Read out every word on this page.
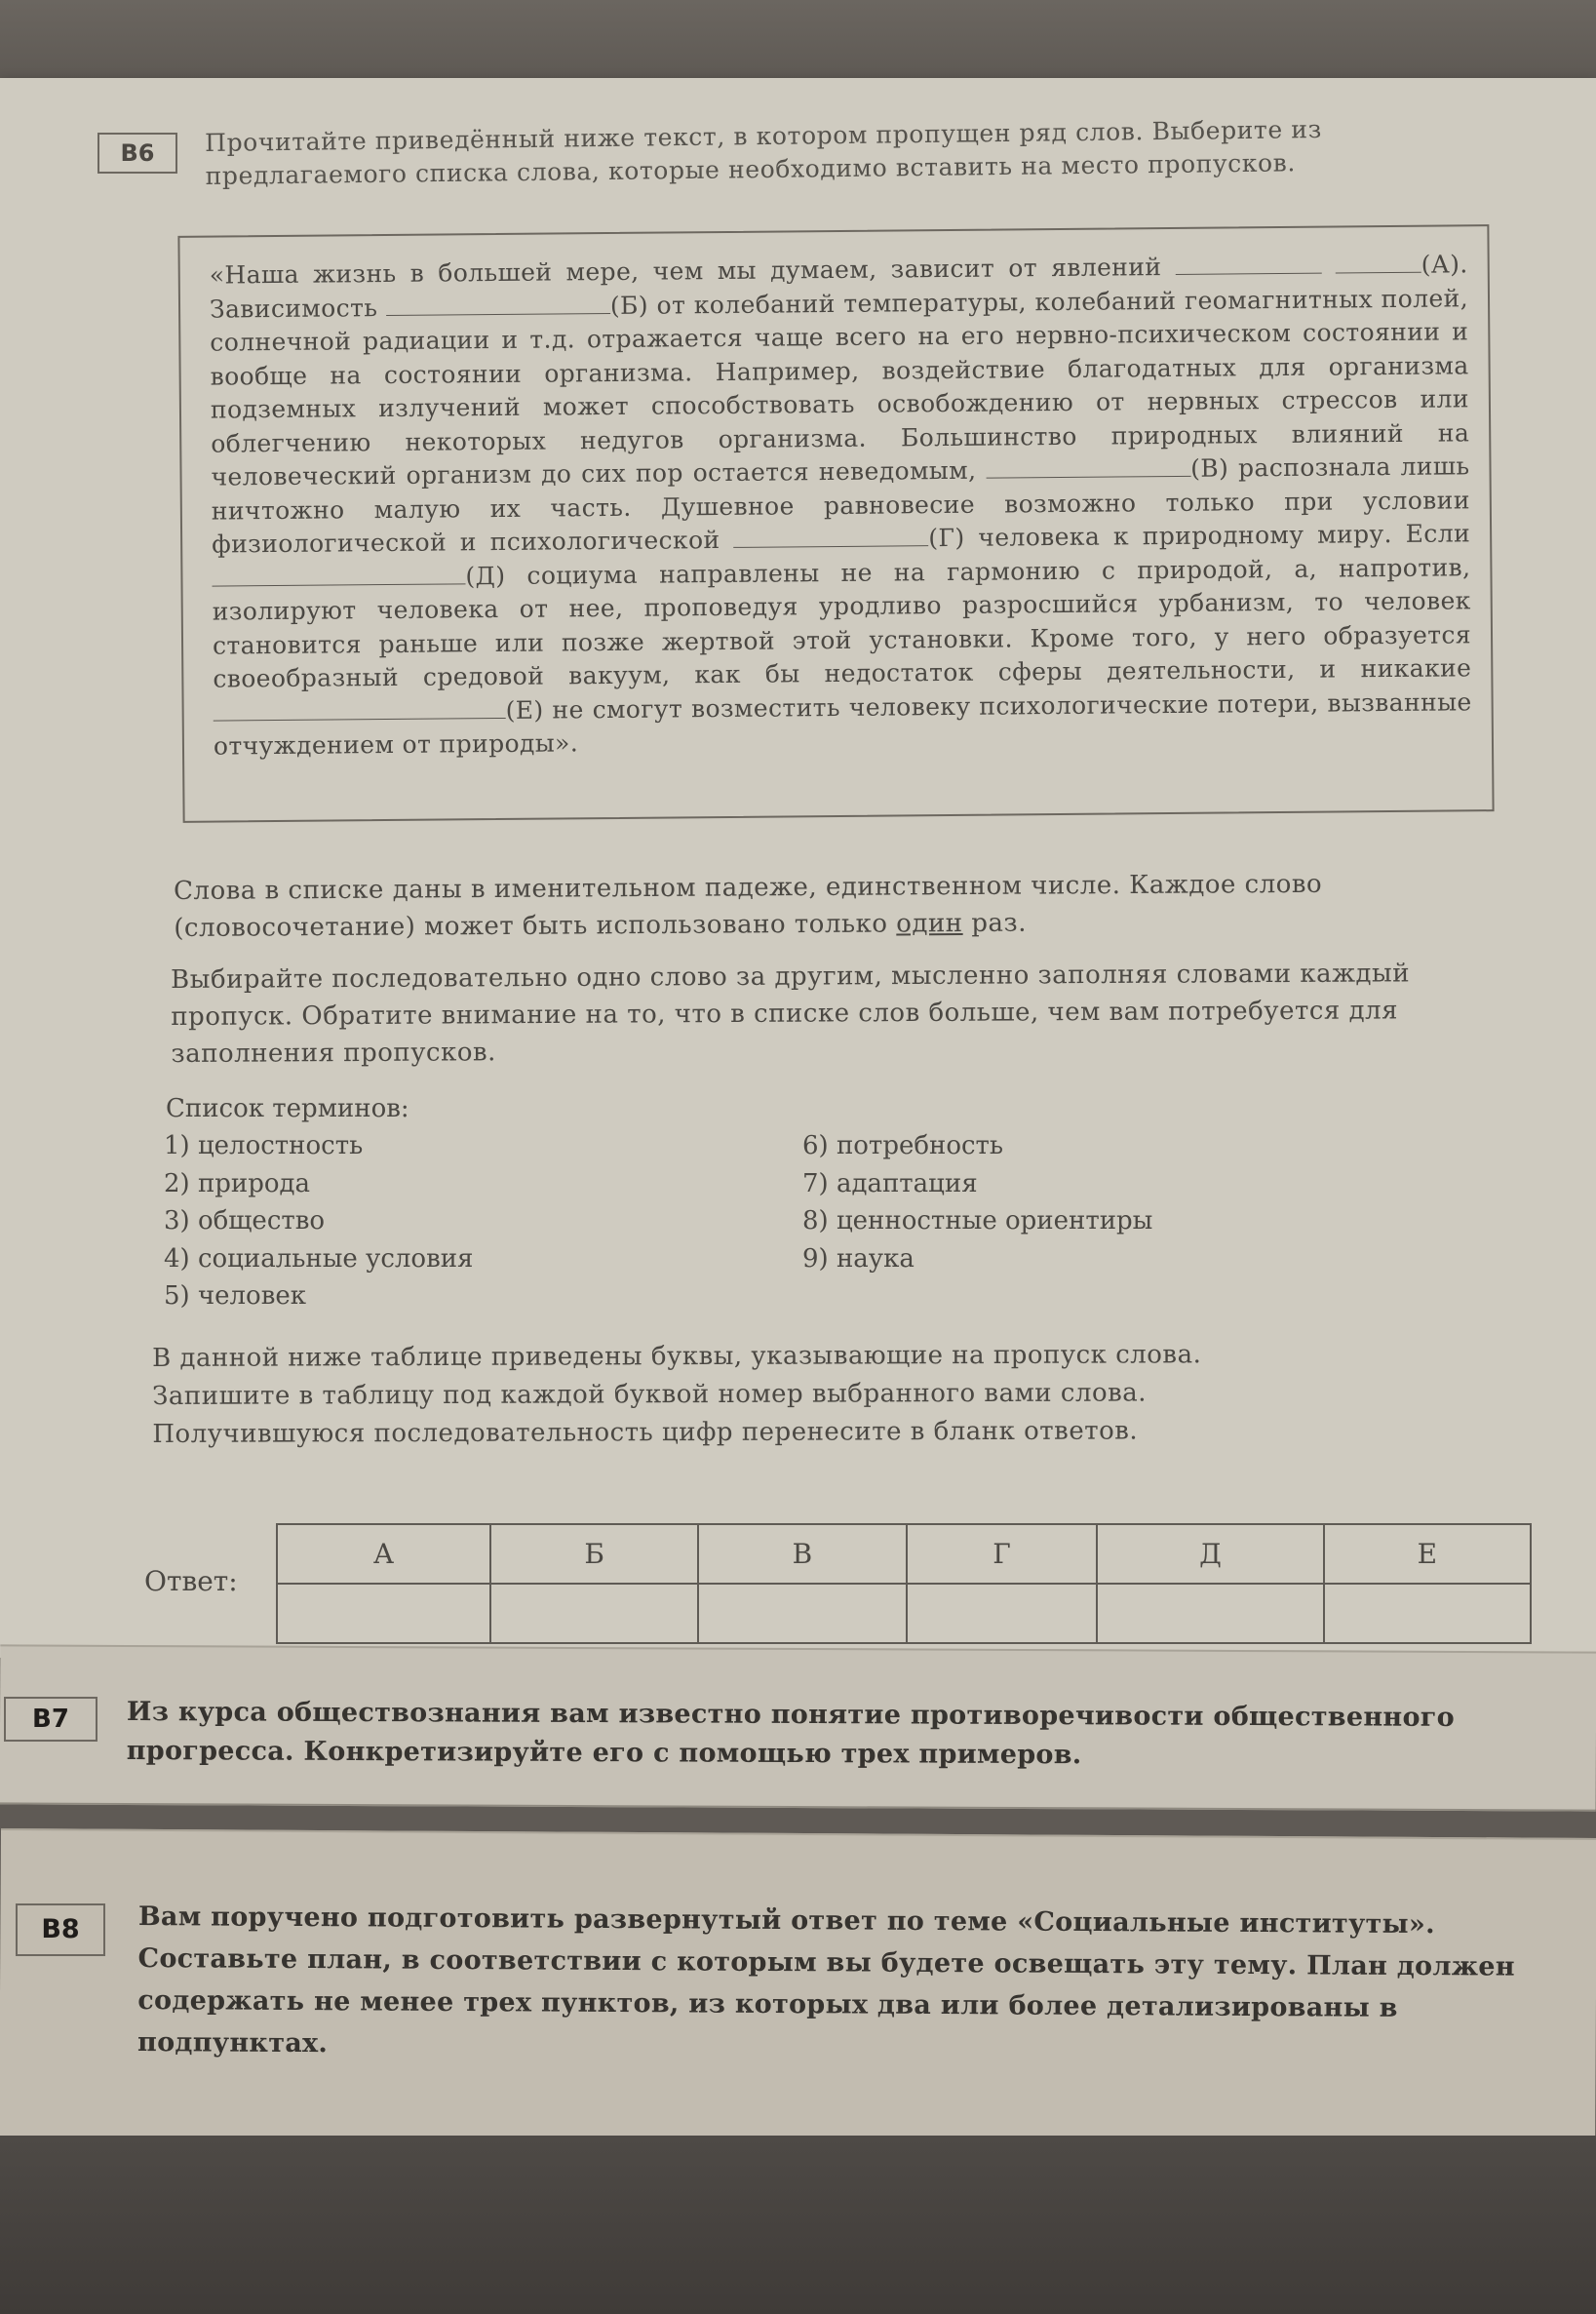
B6	Прочитайте приведённый ниже текст, в котором пропущен ряд слов. Выберите из предлагаемого списка слова, которые необходимо вставить на место пропусков.
«Наша жизнь в большей мере, чем мы думаем, зависит от явлений	(А). Зависимость	(Б) от колебаний температуры, колебаний геомагнитных полей, солнечной радиации и т.д. отражается чаще всего на его нервно-психическом состоянии и вообще на состоянии организма. Например, воздействие благодатных для организма подземных излучений может способствовать освобождению от нервных стрессов или облегчению некоторых недугов организма. Большинство природных влияний на человеческий организм до сих пор остается неведомым,	(В) распознала лишь ничтожно малую их часть. Душевное равновесие возможно только при условии физиологической и психологической	(Г) человека к природному миру. Если (Д) социума направлены не на гармонию с природой, а, напротив, изолируют человека от нее, проповедуя уродливо разросшийся урбанизм, то человек становится раньше или позже жертвой этой установки. Кроме того, у него образуется своеобразный средовой вакуум, как бы недостаток сферы деятельности, и никакие (Е) не смогут возместить человеку психологические потери, вызванные отчуждением от природы».
Слова в списке даны в именительном падеже, единственном числе. Каждое слово (словосочетание) может быть использовано только один раз.
Выбирайте последовательно одно слово за другим, мысленно заполняя словами каждый пропуск. Обратите внимание на то, что в списке слов больше, чем вам потребуется для заполнения пропусков.
Список терминов:
1) целостность
2) природа
3) общество
4) социальные условия
5) человек
6) потребность
7) адаптация
8) ценностные ориентиры
9) наука
В данной ниже таблице приведены буквы, указывающие на пропуск слова.
Запишите в таблицу под каждой буквой номер выбранного вами слова.
Получившуюся последовательность цифр перенесите в бланк ответов.
Ответ:
А	Б	В	Г	Д	Е

B7	Из курса обществознания вам известно понятие противоречивости общественного прогресса. Конкретизируйте его с помощью трех примеров.
B8	Вам поручено подготовить развернутый ответ по теме «Социальные институты». Составьте план, в соответствии с которым вы будете освещать эту тему. План должен содержать не менее трех пунктов, из которых два или более детализированы в подпунктах.
